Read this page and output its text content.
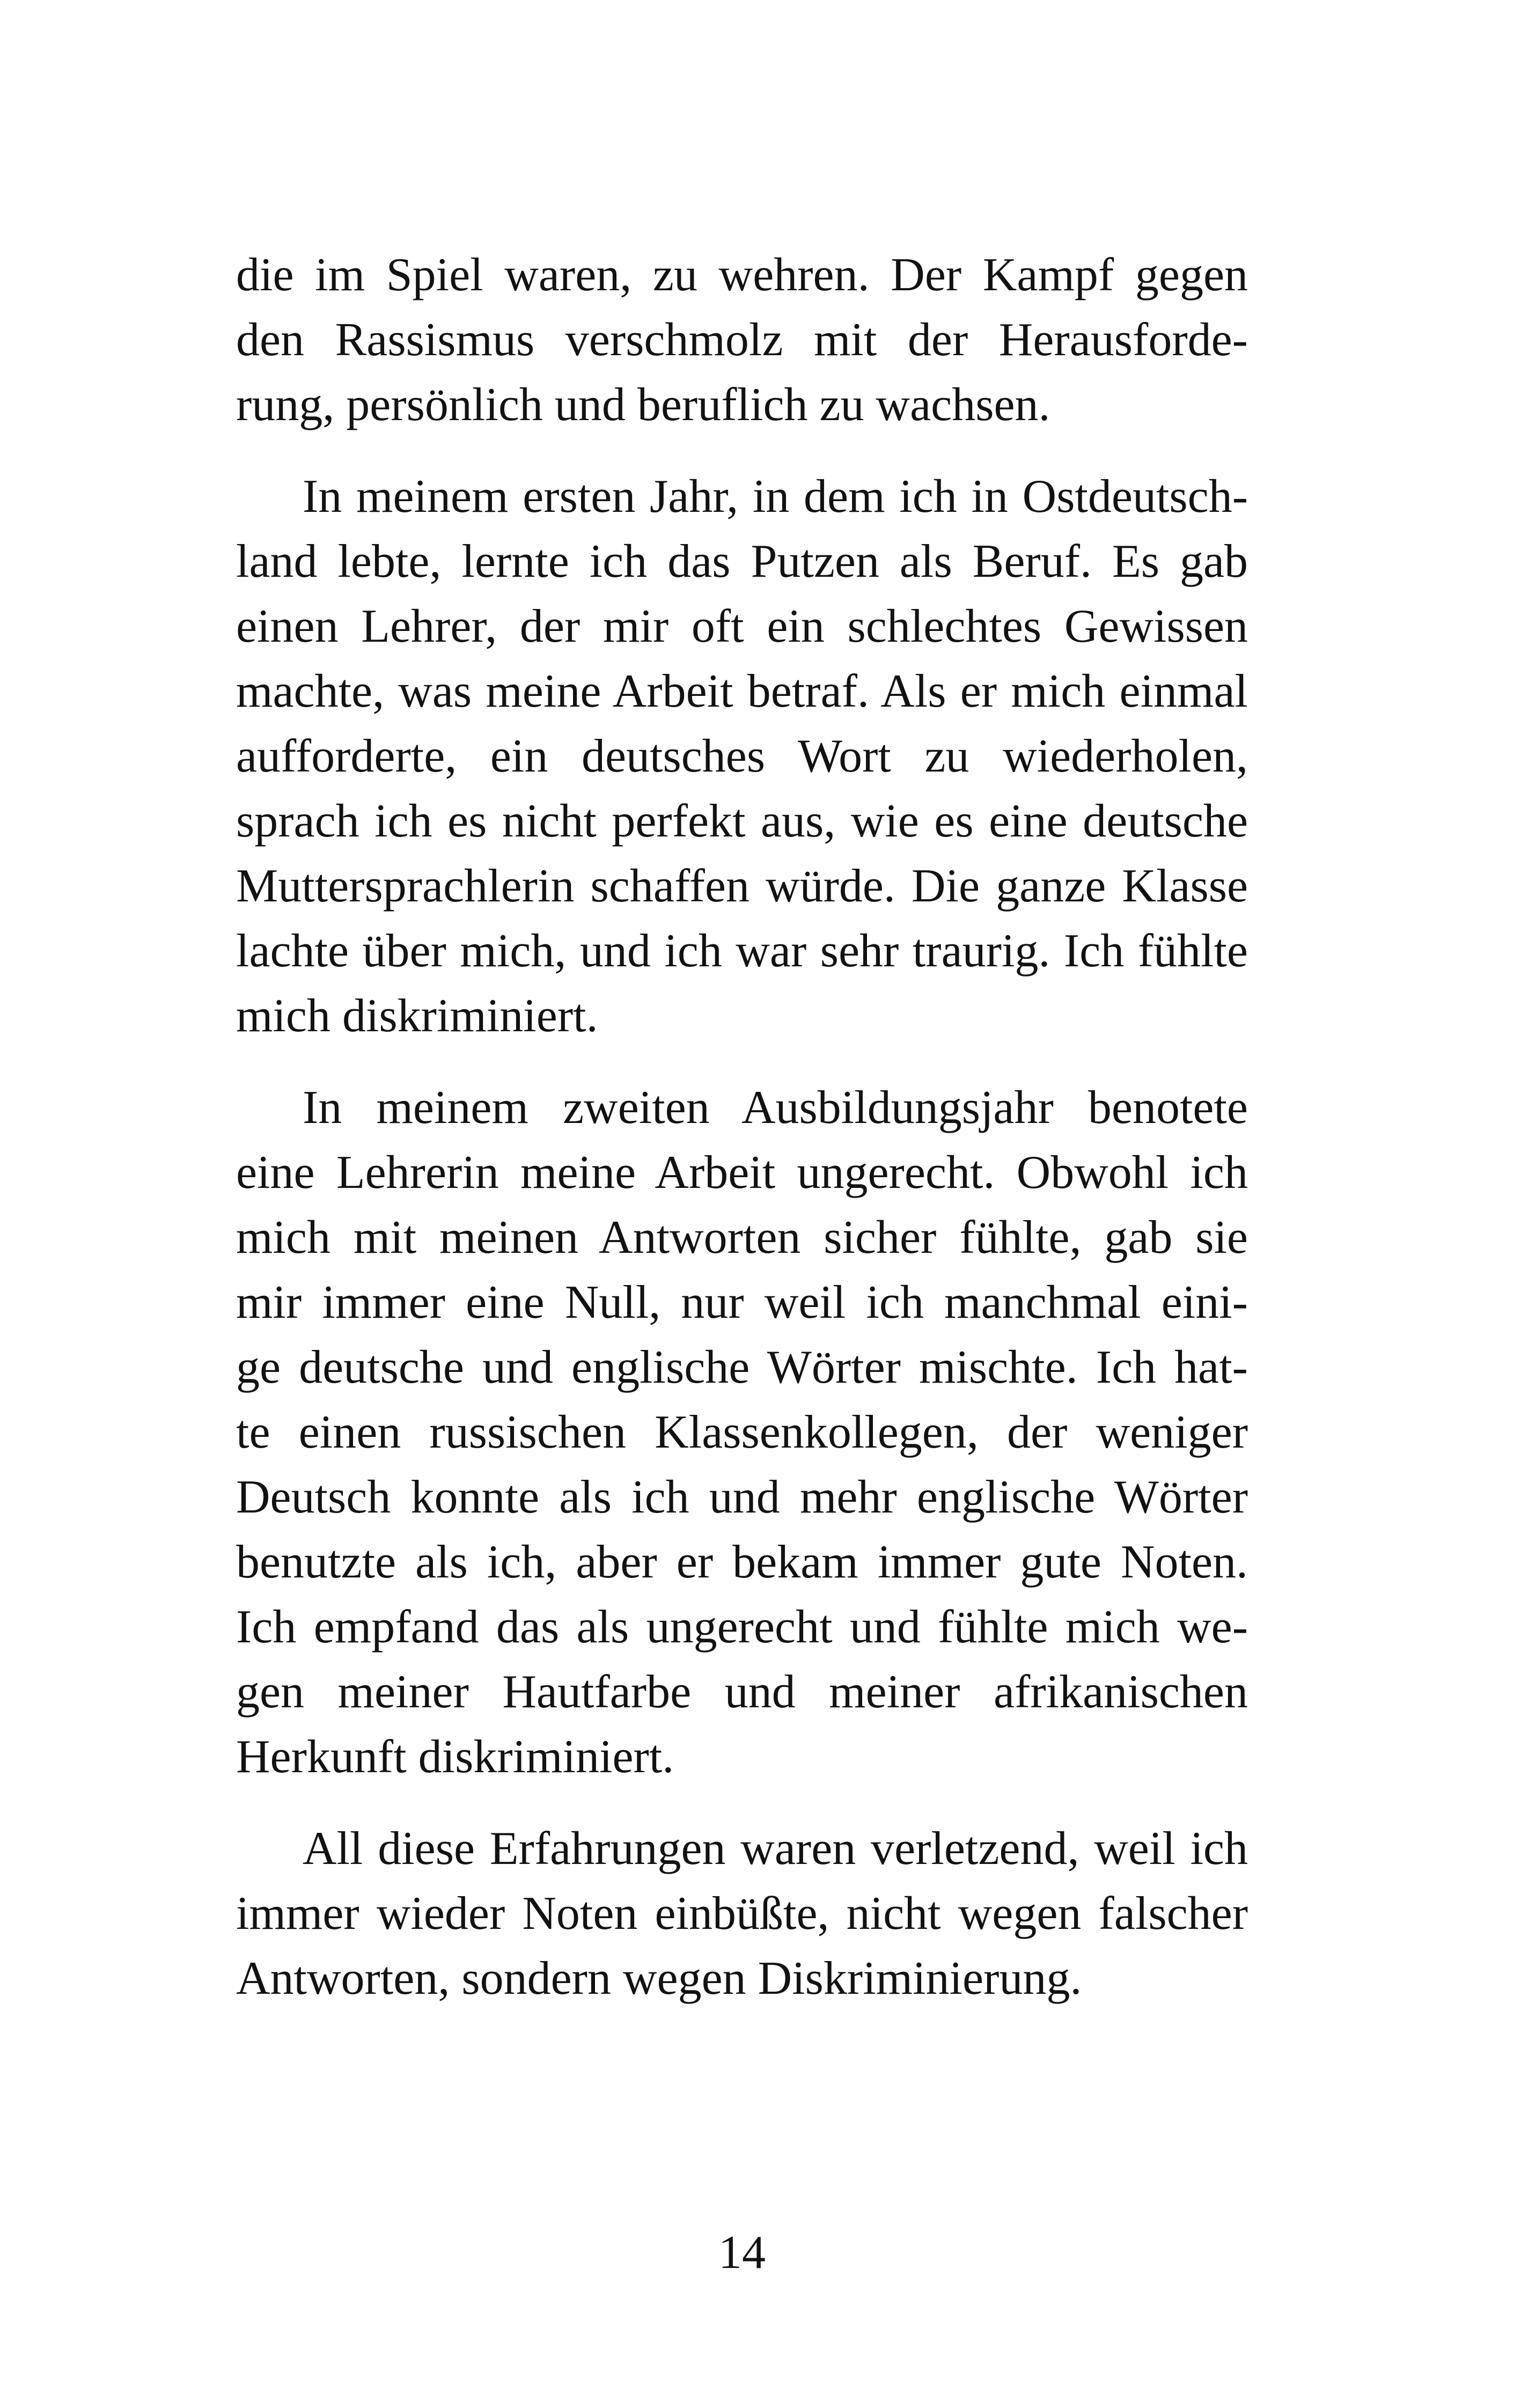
die im Spiel waren, zu wehren. Der Kampf gegen
den Rassismus verschmolz mit der Herausforde-
rung, persönlich und beruflich zu wachsen.
In meinem ersten Jahr, in dem ich in Ostdeutsch-
land lebte, lernte ich das Putzen als Beruf. Es gab
einen Lehrer, der mir oft ein schlechtes Gewissen
machte, was meine Arbeit betraf. Als er mich einmal
aufforderte, ein deutsches Wort zu wiederholen,
sprach ich es nicht perfekt aus, wie es eine deutsche
Muttersprachlerin schaffen würde. Die ganze Klasse
lachte über mich, und ich war sehr traurig. Ich fühlte
mich diskriminiert.
In meinem zweiten Ausbildungsjahr benotete
eine Lehrerin meine Arbeit ungerecht. Obwohl ich
mich mit meinen Antworten sicher fühlte, gab sie
mir immer eine Null, nur weil ich manchmal eini-
ge deutsche und englische Wörter mischte. Ich hat-
te einen russischen Klassenkollegen, der weniger
Deutsch konnte als ich und mehr englische Wörter
benutzte als ich, aber er bekam immer gute Noten.
Ich empfand das als ungerecht und fühlte mich we-
gen meiner Hautfarbe und meiner afrikanischen
Herkunft diskriminiert.
All diese Erfahrungen waren verletzend, weil ich
immer wieder Noten einbüßte, nicht wegen falscher
Antworten, sondern wegen Diskriminierung.
14
